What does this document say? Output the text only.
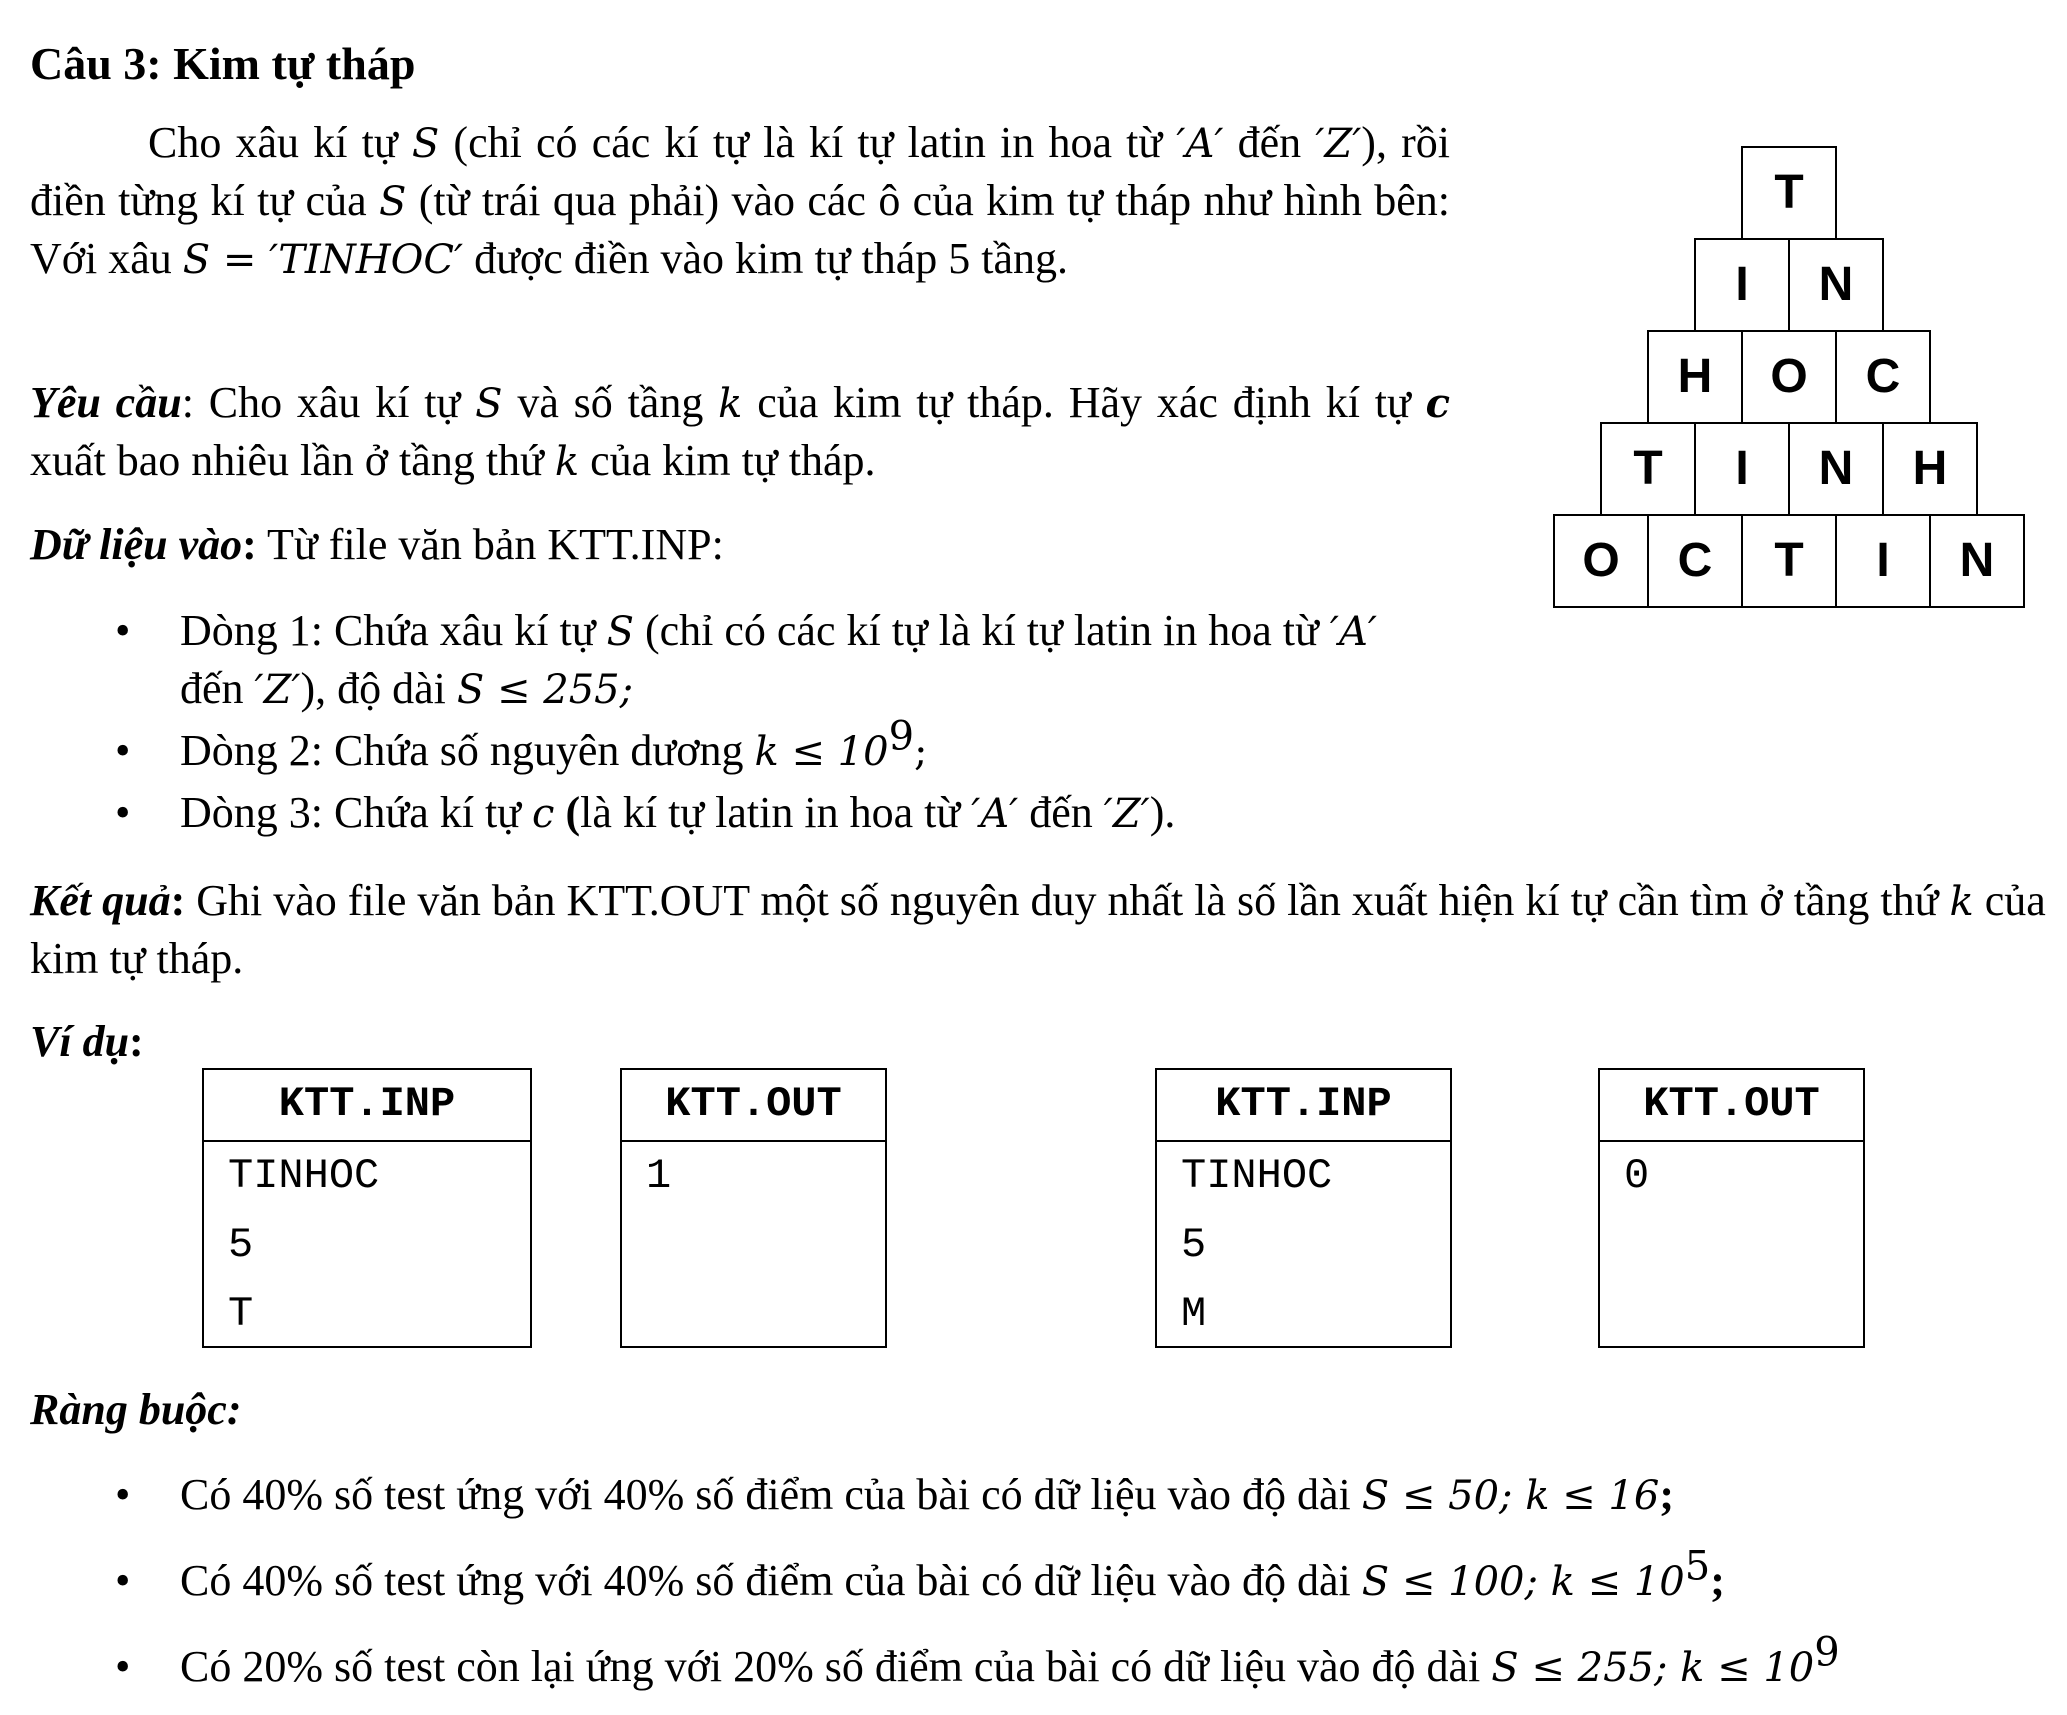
Câu 3: Kim tự tháp
Cho xâu kí tự S (chỉ có các kí tự là kí tự latin in hoa từ ′A′ đến ′Z′), rồi điền từng kí tự của S (từ trái qua phải) vào các ô của kim tự tháp như hình bên: Với xâu S = ′TINHOC′ được điền vào kim tự tháp 5 tầng.
Yêu cầu: Cho xâu kí tự S và số tầng k của kim tự tháp. Hãy xác định kí tự c xuất bao nhiêu lần ở tầng thứ k của kim tự tháp.
Dữ liệu vào: Từ file văn bản KTT.INP:
• Dòng 1: Chứa xâu kí tự S (chỉ có các kí tự là kí tự latin in hoa từ ′A′ đến ′Z′), độ dài S ≤ 255;
• Dòng 2: Chứa số nguyên dương $k \le 10^9$;
• Dòng 3: Chứa kí tự c (là kí tự latin in hoa từ ′A′ đến ′Z′).
Kết quả: Ghi vào file văn bản KTT.OUT một số nguyên duy nhất là số lần xuất hiện kí tự cần tìm ở tầng thứ k của kim tự tháp.
Ví dụ:
KTT.INP
TINHOC
5
T
KTT.OUT
1
KTT.INP
TINHOC
5
M
KTT.OUT
0
Ràng buộc:
• Có 40% số test ứng với 40% số điểm của bài có dữ liệu vào độ dài S ≤ 50; k ≤ 16;
• Có 40% số test ứng với 40% số điểm của bài có dữ liệu vào độ dài S ≤ 100; $k \le 10^5$;
• Có 20% số test còn lại ứng với 20% số điểm của bài có dữ liệu vào độ dài S ≤ 255; $k \le 10^9$
T
I	N
H	O	C
T	I	N	H
O	C	T	I	N
